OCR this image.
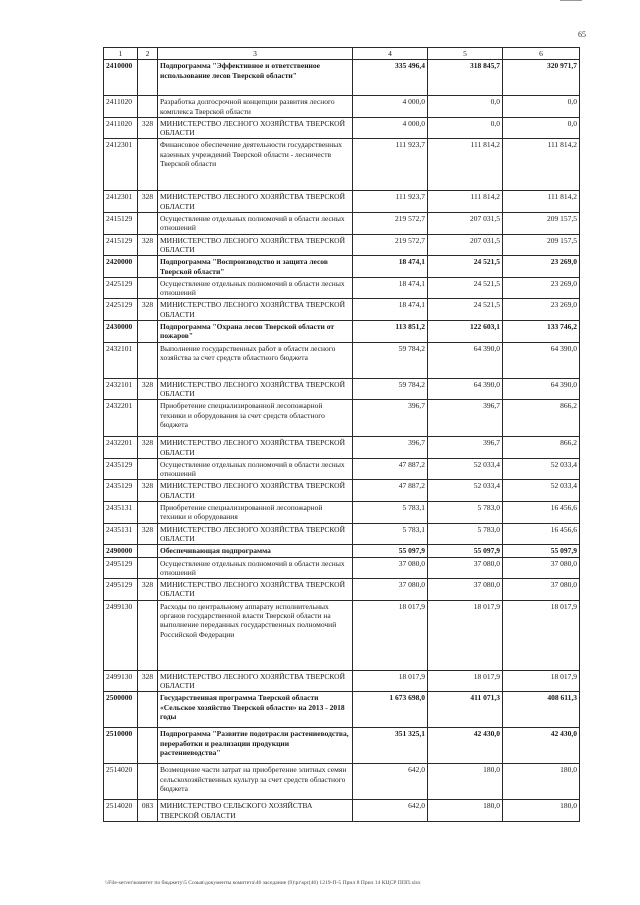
65
1	2	3	4	5	6
2410000		Подпрограмма "Эффективное и ответственное использование лесов Тверской области"	335 496,4	318 845,7	320 971,7
2411020		Разработка долгосрочной концепции развития лесного комплекса Тверской области	4 000,0	0,0	0,0
2411020	328	МИНИСТЕРСТВО ЛЕСНОГО ХОЗЯЙСТВА ТВЕРСКОЙ ОБЛАСТИ	4 000,0	0,0	0,0
2412301		Финансовое обеспечение деятельности государственных казенных учреждений Тверской области - лесничеств Тверской области	111 923,7	111 814,2	111 814,2
2412301	328	МИНИСТЕРСТВО ЛЕСНОГО ХОЗЯЙСТВА ТВЕРСКОЙ ОБЛАСТИ	111 923,7	111 814,2	111 814,2
2415129		Осуществление отдельных полномочий в области лесных отношений	219 572,7	207 031,5	209 157,5
2415129	328	МИНИСТЕРСТВО ЛЕСНОГО ХОЗЯЙСТВА ТВЕРСКОЙ ОБЛАСТИ	219 572,7	207 031,5	209 157,5
2420000		Подпрограмма "Воспроизводство и защита лесов Тверской области"	18 474,1	24 521,5	23 269,0
2425129		Осуществление отдельных полномочий в области лесных отношений	18 474,1	24 521,5	23 269,0
2425129	328	МИНИСТЕРСТВО ЛЕСНОГО ХОЗЯЙСТВА ТВЕРСКОЙ ОБЛАСТИ	18 474,1	24 521,5	23 269,0
2430000		Подпрограмма "Охрана лесов Тверской области от пожаров"	113 851,2	122 603,1	133 746,2
2432101		Выполнение государственных работ в области лесного хозяйства за счет средств областного бюджета	59 784,2	64 390,0	64 390,0
2432101	328	МИНИСТЕРСТВО ЛЕСНОГО ХОЗЯЙСТВА ТВЕРСКОЙ ОБЛАСТИ	59 784,2	64 390,0	64 390,0
2432201		Приобретение специализированной лесопожарной техники и оборудования за счет средств областного бюджета	396,7	396,7	866,2
2432201	328	МИНИСТЕРСТВО ЛЕСНОГО ХОЗЯЙСТВА ТВЕРСКОЙ ОБЛАСТИ	396,7	396,7	866,2
2435129		Осуществление отдельных полномочий в области лесных отношений	47 887,2	52 033,4	52 033,4
2435129	328	МИНИСТЕРСТВО ЛЕСНОГО ХОЗЯЙСТВА ТВЕРСКОЙ ОБЛАСТИ	47 887,2	52 033,4	52 033,4
2435131		Приобретение специализированной лесопожарной техники и оборудования	5 783,1	5 783,0	16 456,6
2435131	328	МИНИСТЕРСТВО ЛЕСНОГО ХОЗЯЙСТВА ТВЕРСКОЙ ОБЛАСТИ	5 783,1	5 783,0	16 456,6
2490000		Обеспечивающая подпрограмма	55 097,9	55 097,9	55 097,9
2495129		Осуществление отдельных полномочий в области лесных отношений	37 080,0	37 080,0	37 080,0
2495129	328	МИНИСТЕРСТВО ЛЕСНОГО ХОЗЯЙСТВА ТВЕРСКОЙ ОБЛАСТИ	37 080,0	37 080,0	37 080,0
2499130		Расходы по центральному аппарату исполнительных органов государственной власти Тверской области на выполнение переданных государственных полномочий Российской Федерации	18 017,9	18 017,9	18 017,9
2499130	328	МИНИСТЕРСТВО ЛЕСНОГО ХОЗЯЙСТВА ТВЕРСКОЙ ОБЛАСТИ	18 017,9	18 017,9	18 017,9
2500000		Государственная программа Тверской области «Сельское хозяйство Тверской области» на 2013 - 2018 годы	1 673 698,0	411 071,3	408 611,3
2510000		Подпрограмма "Развитие подотрасли растениеводства, переработки и реализации продукции растениеводства"	351 325,1	42 430,0	42 430,0
2514020		Возмещение части затрат на приобретение элитных семян сельскохозяйственных культур за счет средств областного бюджета	642,0	180,0	180,0
2514020	083	МИНИСТЕРСТВО СЕЛЬСКОГО ХОЗЯЙСТВА ТВЕРСКОЙ ОБЛАСТИ	642,0	180,0	180,0
\\File-server\комитет по бюджету\5 Созыв\документы комитета\46 заседание (9)\pr\spr(46) 1219-П-5 Прил 8 Прил 14 КЦСР ППП.xlsx
